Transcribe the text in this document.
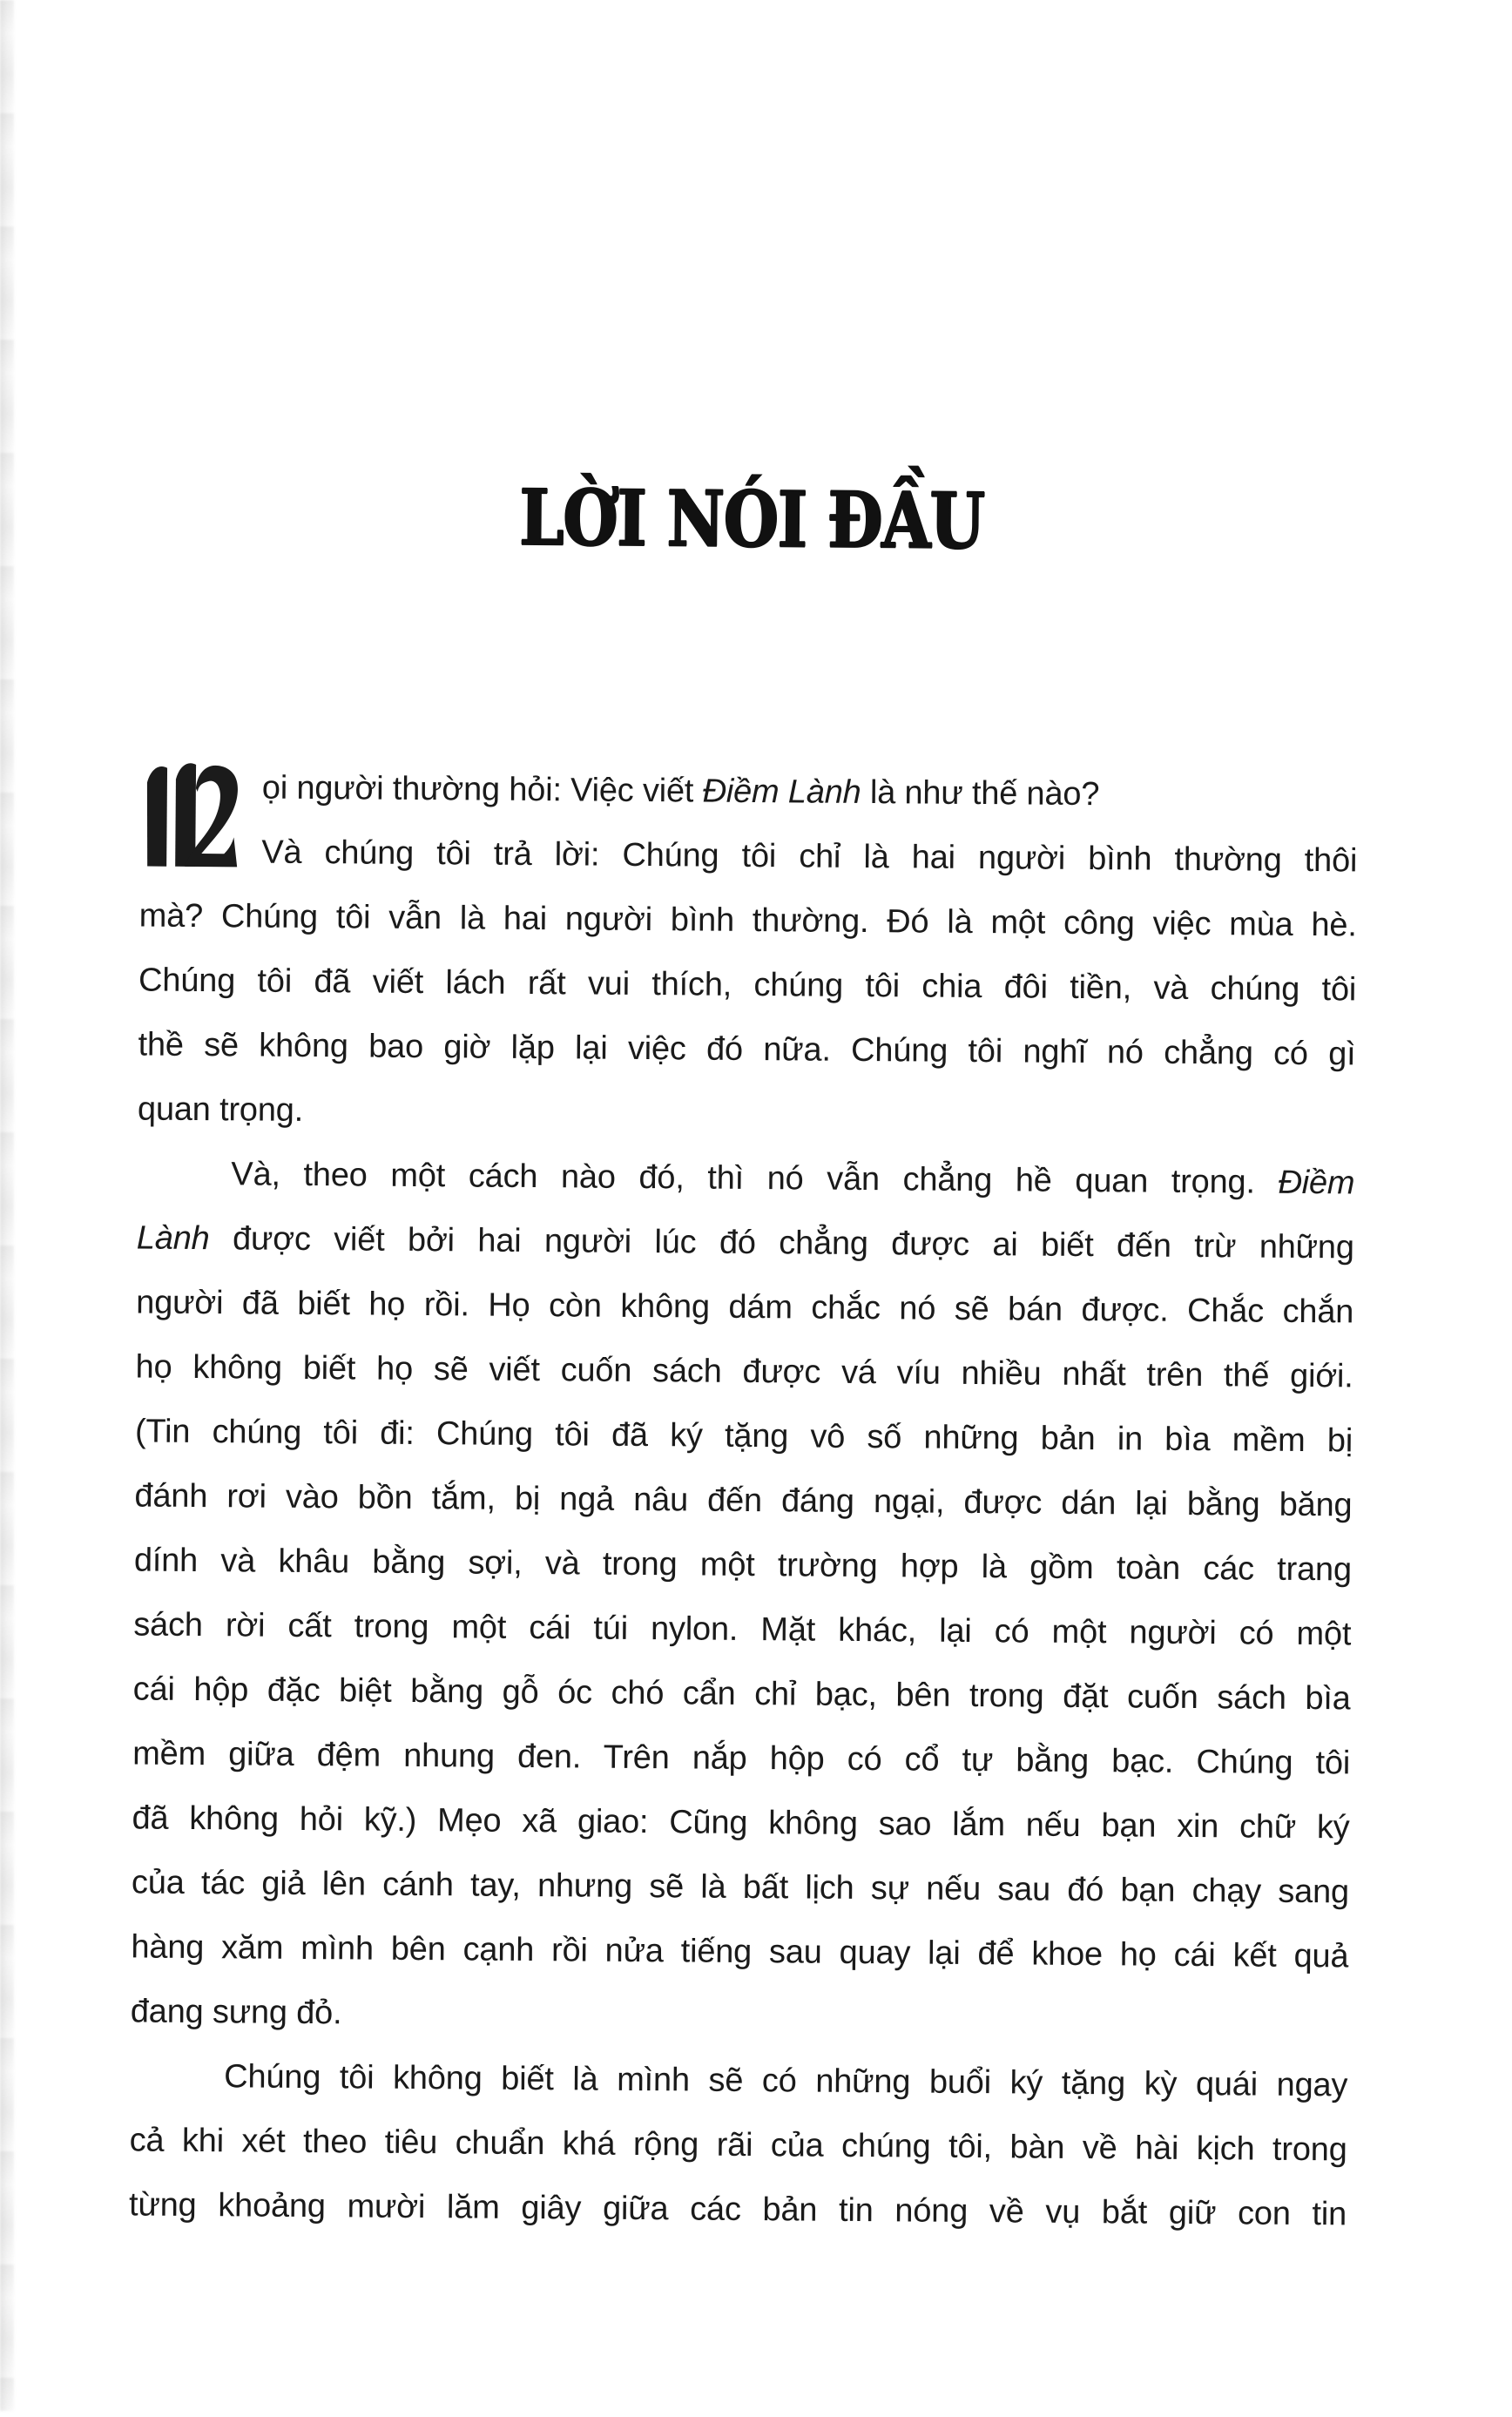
LỜI NÓI ĐẦU
ọi người thường hỏi: Việc viết Điềm Lành là như thế nào?
Và chúng tôi trả lời: Chúng tôi chỉ là hai người bình thường thôi
mà? Chúng tôi vẫn là hai người bình thường. Đó là một công việc mùa hè.
Chúng tôi đã viết lách rất vui thích, chúng tôi chia đôi tiền, và chúng tôi
thề sẽ không bao giờ lặp lại việc đó nữa. Chúng tôi nghĩ nó chẳng có gì
quan trọng.
Và, theo một cách nào đó, thì nó vẫn chẳng hề quan trọng. Điềm
Lành được viết bởi hai người lúc đó chẳng được ai biết đến trừ những
người đã biết họ rồi. Họ còn không dám chắc nó sẽ bán được. Chắc chắn
họ không biết họ sẽ viết cuốn sách được vá víu nhiều nhất trên thế giới.
(Tin chúng tôi đi: Chúng tôi đã ký tặng vô số những bản in bìa mềm bị
đánh rơi vào bồn tắm, bị ngả nâu đến đáng ngại, được dán lại bằng băng
dính và khâu bằng sợi, và trong một trường hợp là gồm toàn các trang
sách rời cất trong một cái túi nylon. Mặt khác, lại có một người có một
cái hộp đặc biệt bằng gỗ óc chó cẩn chỉ bạc, bên trong đặt cuốn sách bìa
mềm giữa đệm nhung đen. Trên nắp hộp có cổ tự bằng bạc. Chúng tôi
đã không hỏi kỹ.) Mẹo xã giao: Cũng không sao lắm nếu bạn xin chữ ký
của tác giả lên cánh tay, nhưng sẽ là bất lịch sự nếu sau đó bạn chạy sang
hàng xăm mình bên cạnh rồi nửa tiếng sau quay lại để khoe họ cái kết quả
đang sưng đỏ.
Chúng tôi không biết là mình sẽ có những buổi ký tặng kỳ quái ngay
cả khi xét theo tiêu chuẩn khá rộng rãi của chúng tôi, bàn về hài kịch trong
từng khoảng mười lăm giây giữa các bản tin nóng về vụ bắt giữ con tin
